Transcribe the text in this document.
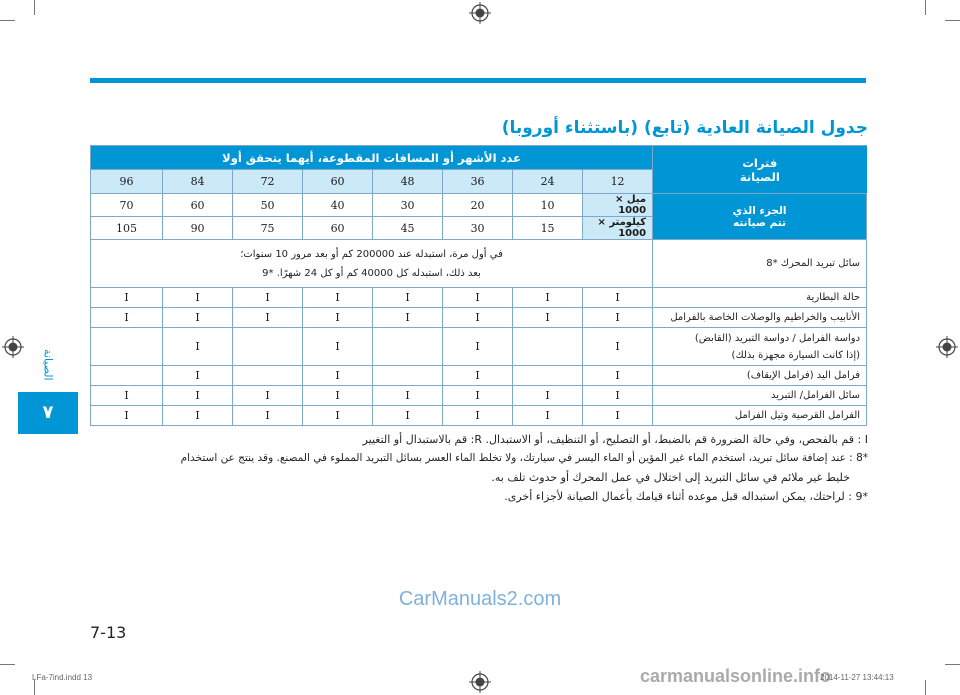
جدول الصيانة العادية (تابع) (باستثناء أوروبا)
فترات
الصيانة	عدد الأشهر أو المسافات المقطوعة، أيهما يتحقق أولا							
	12	24	36	48	60	72	84	96
الجزء الذي
تتم صيانته	ميل × 1000	10	20	30	40	50	60	70
	كيلومتر × 1000	15	30	45	60	75	90	105
سائل تبريد المحرك *8	في أول مرة، استبدله عند 200000 كم أو بعد مرور 10 سنوات؛
بعد ذلك، استبدله كل 40000 كم أو كل 24 شهرًا. *9							

حالة البطارية	I	I	I	I	I	I	I	I
الأنابيب والخراطيم والوصلات الخاصة بالفرامل	I	I	I	I	I	I	I	I

دواسة الفرامل / دواسة التبريد (القابض)
(إذا كانت السيارة مجهزة بذلك)	I		I		I		I	
فرامل اليد (فرامل الإيقاف)	I		I		I		I	
سائل الفرامل/ التبريد	I	I	I	I	I	I	I	I
الفرامل القرصية وتيل الفرامل	I	I	I	I	I	I	I	I
I : قم بالفحص، وفي حالة الضرورة قم بالضبط، أو التصليح، أو التنظيف، أو الاستبدال. R: قم بالاستبدال أو التغيير
*8 : عند إضافة سائل تبريد، استخدم الماء غير المؤين أو الماء اليسر في سيارتك، ولا تخلط الماء العسر بسائل التبريد المملوء في المصنع. وقد ينتج عن استخدام
خليط غير ملائم في سائل التبريد إلى اختلال في عمل المحرك أو حدوث تلف به.
*9 : لراحتك، يمكن استبداله قبل موعده أثناء قيامك بأعمال الصيانة لأجزاء أخرى.
الصيانة
٧
CarManuals2.com
7-13
LFa-7ind.indd 13	carmanualsonline.info
2014-11-27 13:44:13
